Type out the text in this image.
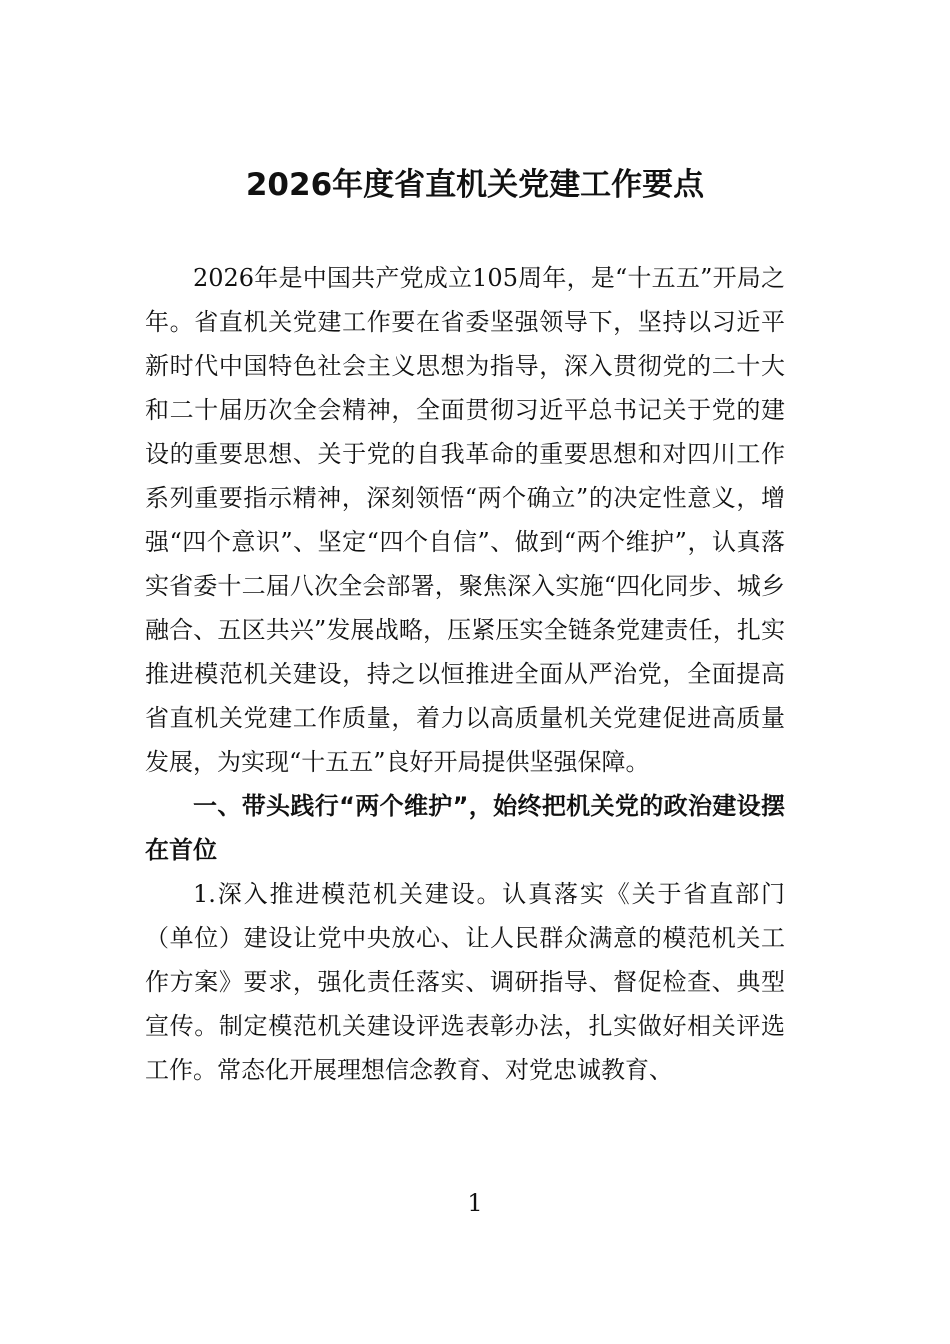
2026年度省直机关党建工作要点

2026年是中国共产党成立105周年，是“十五五”开局之年。省直机关党建工作要在省委坚强领导下，坚持以习近平新时代中国特色社会主义思想为指导，深入贯彻党的二十大和二十届历次全会精神，全面贯彻习近平总书记关于党的建设的重要思想、关于党的自我革命的重要思想和对四川工作系列重要指示精神，深刻领悟“两个确立”的决定性意义，增强“四个意识”、坚定“四个自信”、做到“两个维护”，认真落实省委十二届八次全会部署，聚焦深入实施“四化同步、城乡融合、五区共兴”发展战略，压紧压实全链条党建责任，扎实推进模范机关建设，持之以恒推进全面从严治党，全面提高省直机关党建工作质量，着力以高质量机关党建促进高质量发展，为实现“十五五”良好开局提供坚强保障。

一、带头践行“两个维护”，始终把机关党的政治建设摆在首位

1.深入推进模范机关建设。认真落实《关于省直部门（单位）建设让党中央放心、让人民群众满意的模范机关工作方案》要求，强化责任落实、调研指导、督促检查、典型宣传。制定模范机关建设评选表彰办法，扎实做好相关评选工作。常态化开展理想信念教育、对党忠诚教育、

1
